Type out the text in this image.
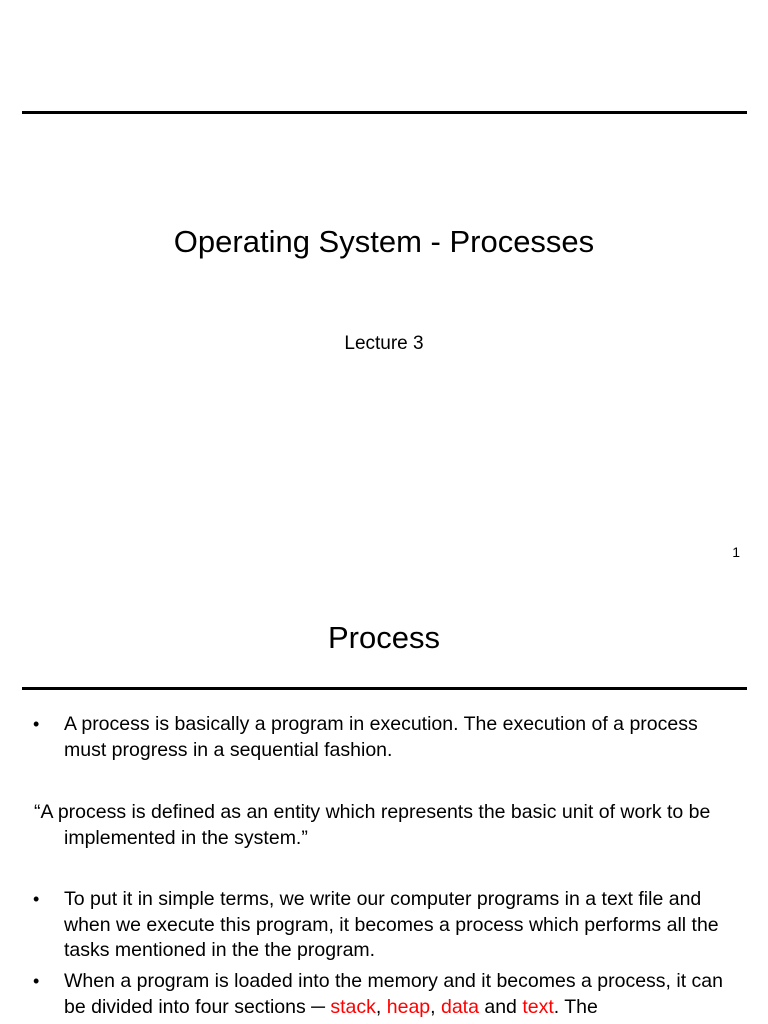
Operating System - Processes
Lecture 3
1
Process
• A process is basically a program in execution. The execution of a process must progress in a sequential fashion.
“A process is defined as an entity which represents the basic unit of work to be implemented in the system.”
• To put it in simple terms, we write our computer programs in a text file and when we execute this program, it becomes a process which performs all the tasks mentioned in the the program.
• When a program is loaded into the memory and it becomes a process, it can be divided into four sections ─ stack, heap, data and text. The
